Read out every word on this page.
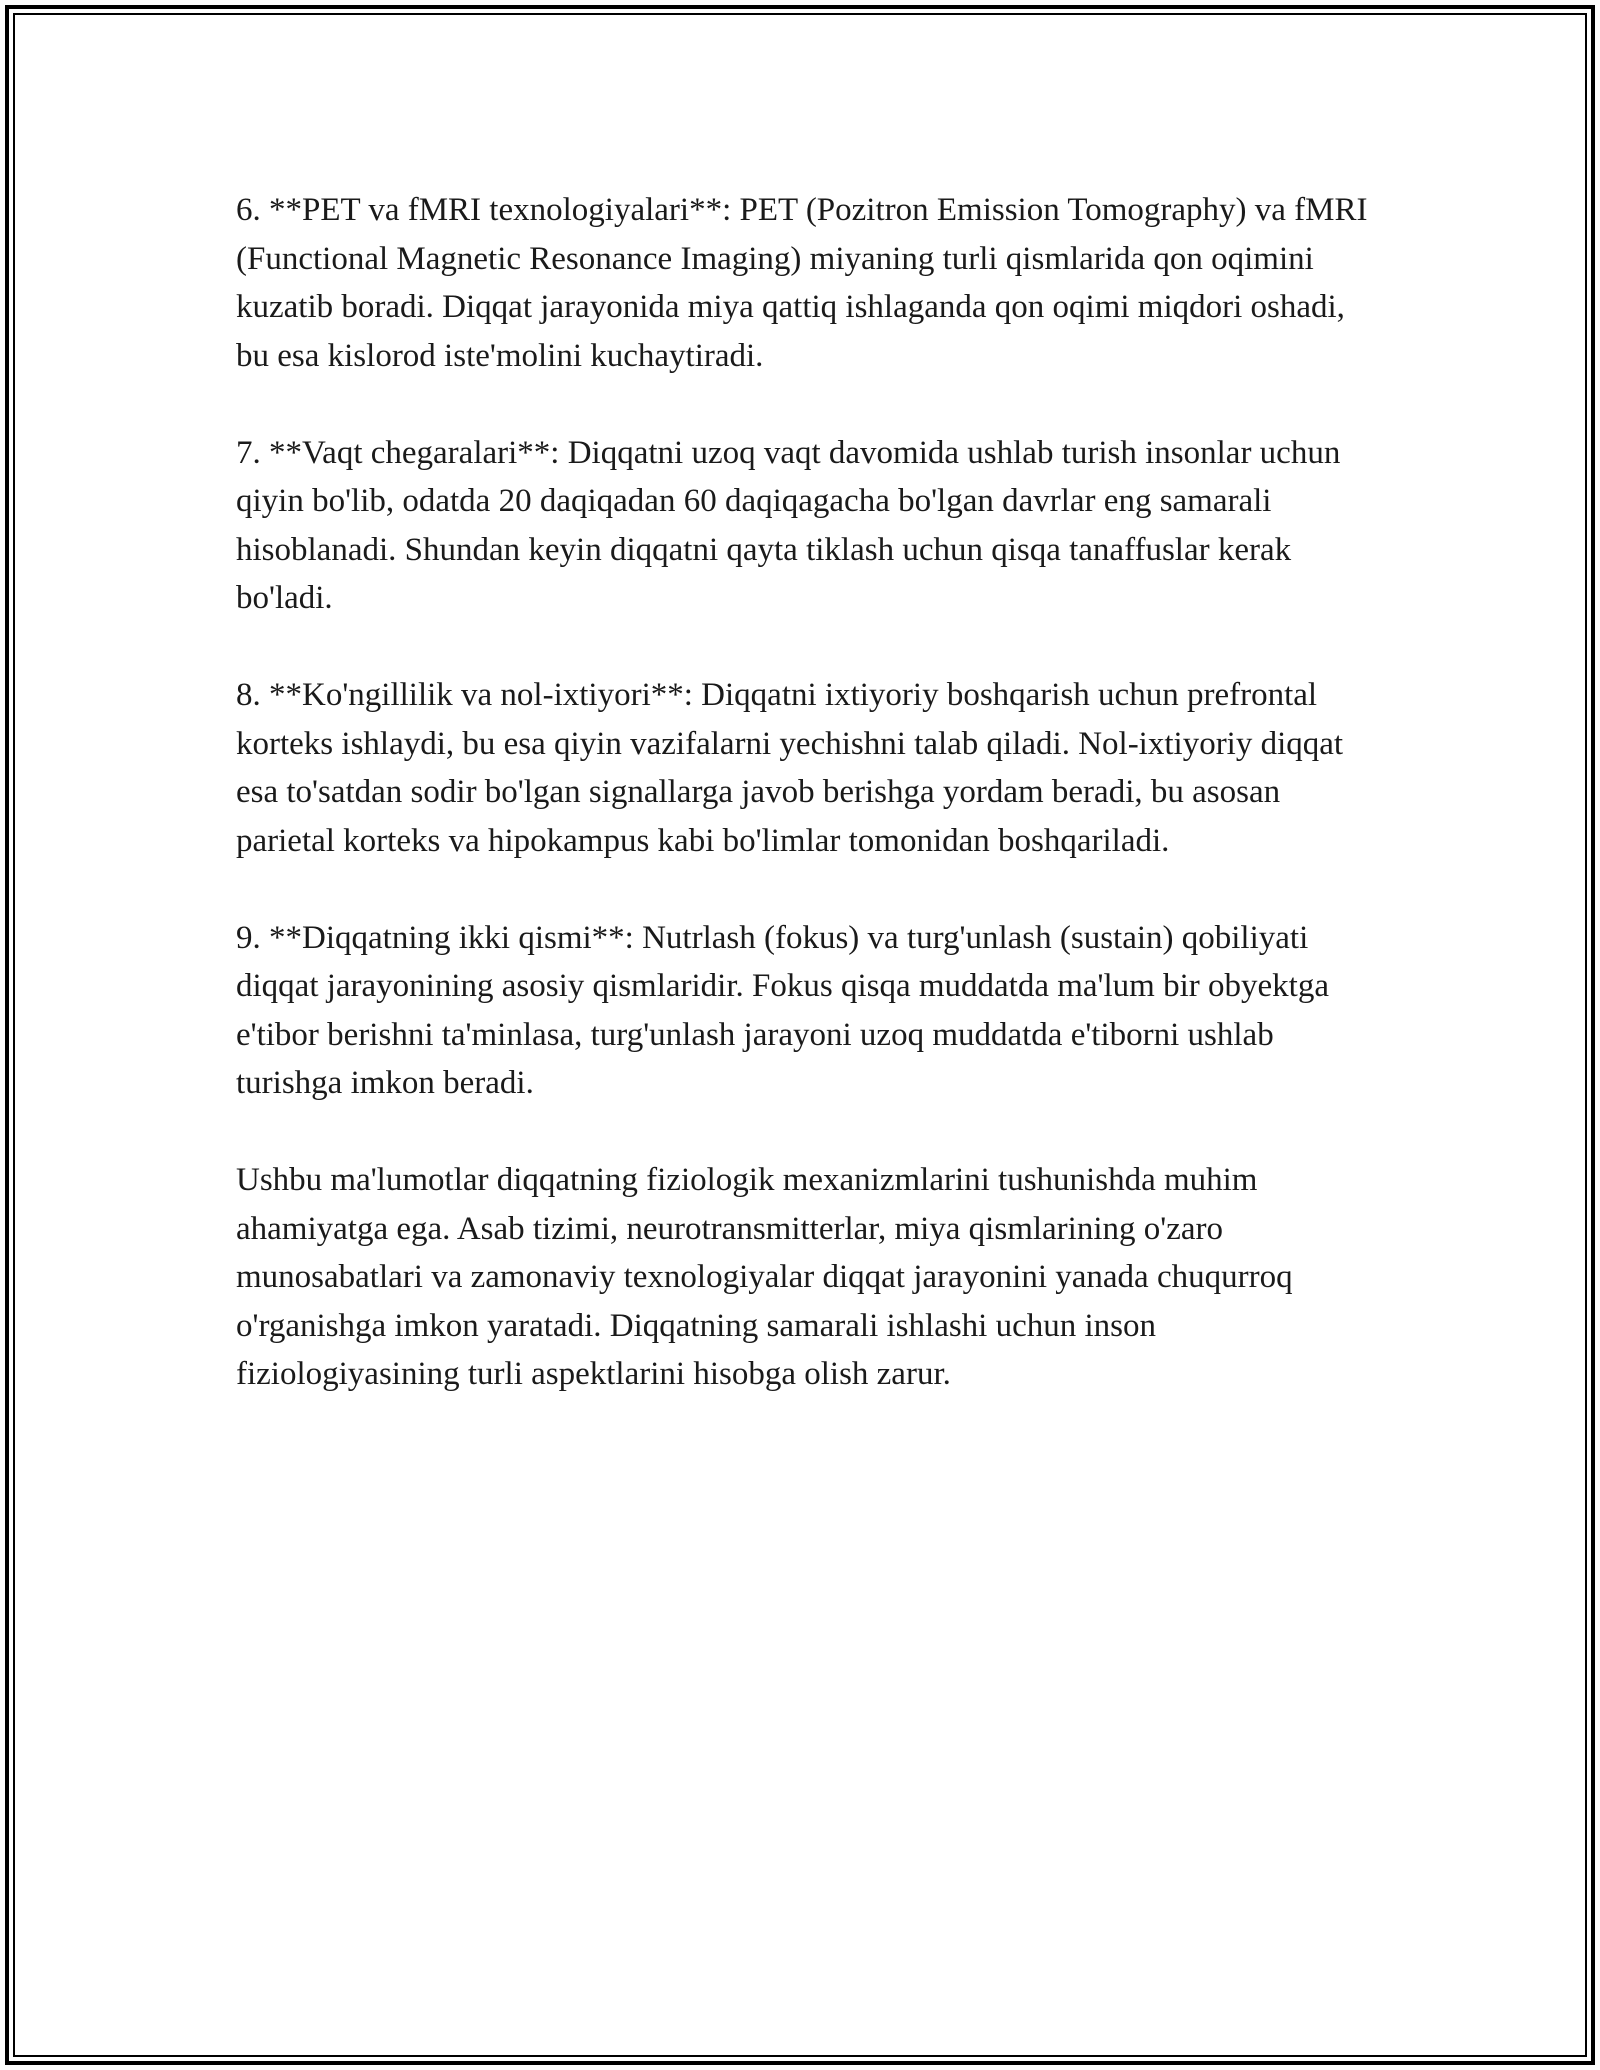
6. **PET va fMRI texnologiyalari**: PET (Pozitron Emission Tomography) va fMRI (Functional Magnetic Resonance Imaging) miyaning turli qismlarida qon oqimini kuzatib boradi. Diqqat jarayonida miya qattiq ishlaganda qon oqimi miqdori oshadi, bu esa kislorod iste'molini kuchaytiradi.

7. **Vaqt chegaralari**: Diqqatni uzoq vaqt davomida ushlab turish insonlar uchun qiyin bo'lib, odatda 20 daqiqadan 60 daqiqagacha bo'lgan davrlar eng samarali hisoblanadi. Shundan keyin diqqatni qayta tiklash uchun qisqa tanaffuslar kerak bo'ladi.

8. **Ko'ngillilik va nol-ixtiyori**: Diqqatni ixtiyoriy boshqarish uchun prefrontal korteks ishlaydi, bu esa qiyin vazifalarni yechishni talab qiladi. Nol-ixtiyoriy diqqat esa to'satdan sodir bo'lgan signallarga javob berishga yordam beradi, bu asosan parietal korteks va hipokampus kabi bo'limlar tomonidan boshqariladi.

9. **Diqqatning ikki qismi**: Nutrlash (fokus) va turg'unlash (sustain) qobiliyati diqqat jarayonining asosiy qismlaridir. Fokus qisqa muddatda ma'lum bir obyektga e'tibor berishni ta'minlasa, turg'unlash jarayoni uzoq muddatda e'tiborni ushlab turishga imkon beradi.

Ushbu ma'lumotlar diqqatning fiziologik mexanizmlarini tushunishda muhim ahamiyatga ega. Asab tizimi, neurotransmitterlar, miya qismlarining o'zaro munosabatlari va zamonaviy texnologiyalar diqqat jarayonini yanada chuqurroq o'rganishga imkon yaratadi. Diqqatning samarali ishlashi uchun inson fiziologiyasining turli aspektlarini hisobga olish zarur.
